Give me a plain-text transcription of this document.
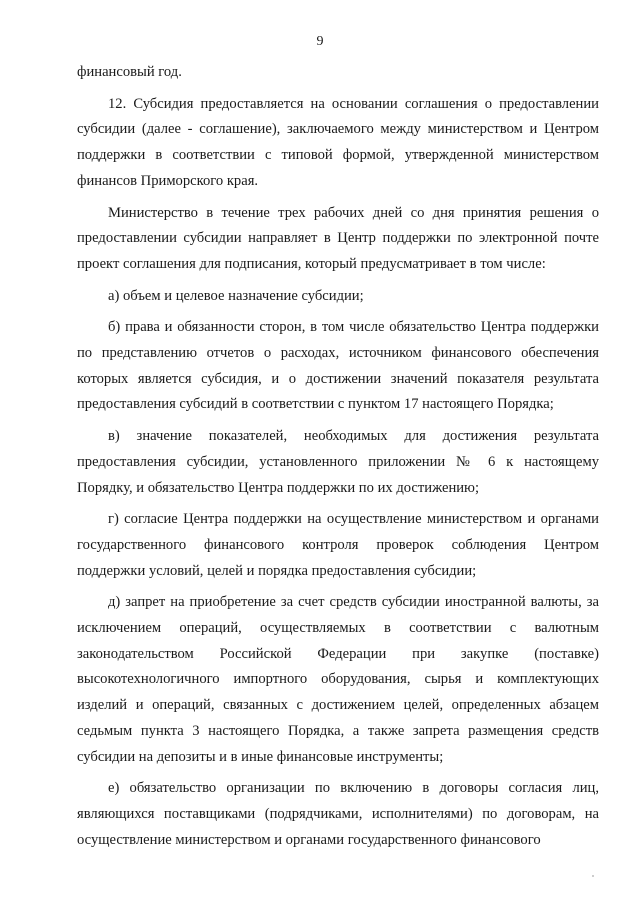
9

финансовый год.

12. Субсидия предоставляется на основании соглашения о предоставлении субсидии (далее - соглашение), заключаемого между министерством и Центром поддержки в соответствии с типовой формой, утвержденной министерством финансов Приморского края.

Министерство в течение трех рабочих дней со дня принятия решения о предоставлении субсидии направляет в Центр поддержки по электронной почте проект соглашения для подписания, который предусматривает в том числе:

а) объем и целевое назначение субсидии;

б) права и обязанности сторон, в том числе обязательство Центра поддержки по представлению отчетов о расходах, источником финансового обеспечения которых является субсидия, и о достижении значений показателя результата предоставления субсидий в соответствии с пунктом 17 настоящего Порядка;

в) значение показателей, необходимых для достижения результата предоставления субсидии, установленного приложении № 6 к настоящему Порядку, и обязательство Центра поддержки по их достижению;

г) согласие Центра поддержки на осуществление министерством и органами государственного финансового контроля проверок соблюдения Центром поддержки условий, целей и порядка предоставления субсидии;

д) запрет на приобретение за счет средств субсидии иностранной валюты, за исключением операций, осуществляемых в соответствии с валютным законодательством Российской Федерации при закупке (поставке) высокотехнологичного импортного оборудования, сырья и комплектующих изделий и операций, связанных с достижением целей, определенных абзацем седьмым пункта 3 настоящего Порядка, а также запрета размещения средств субсидии на депозиты и в иные финансовые инструменты;

е) обязательство организации по включению в договоры согласия лиц, являющихся поставщиками (подрядчиками, исполнителями) по договорам, на осуществление министерством и органами государственного финансового
